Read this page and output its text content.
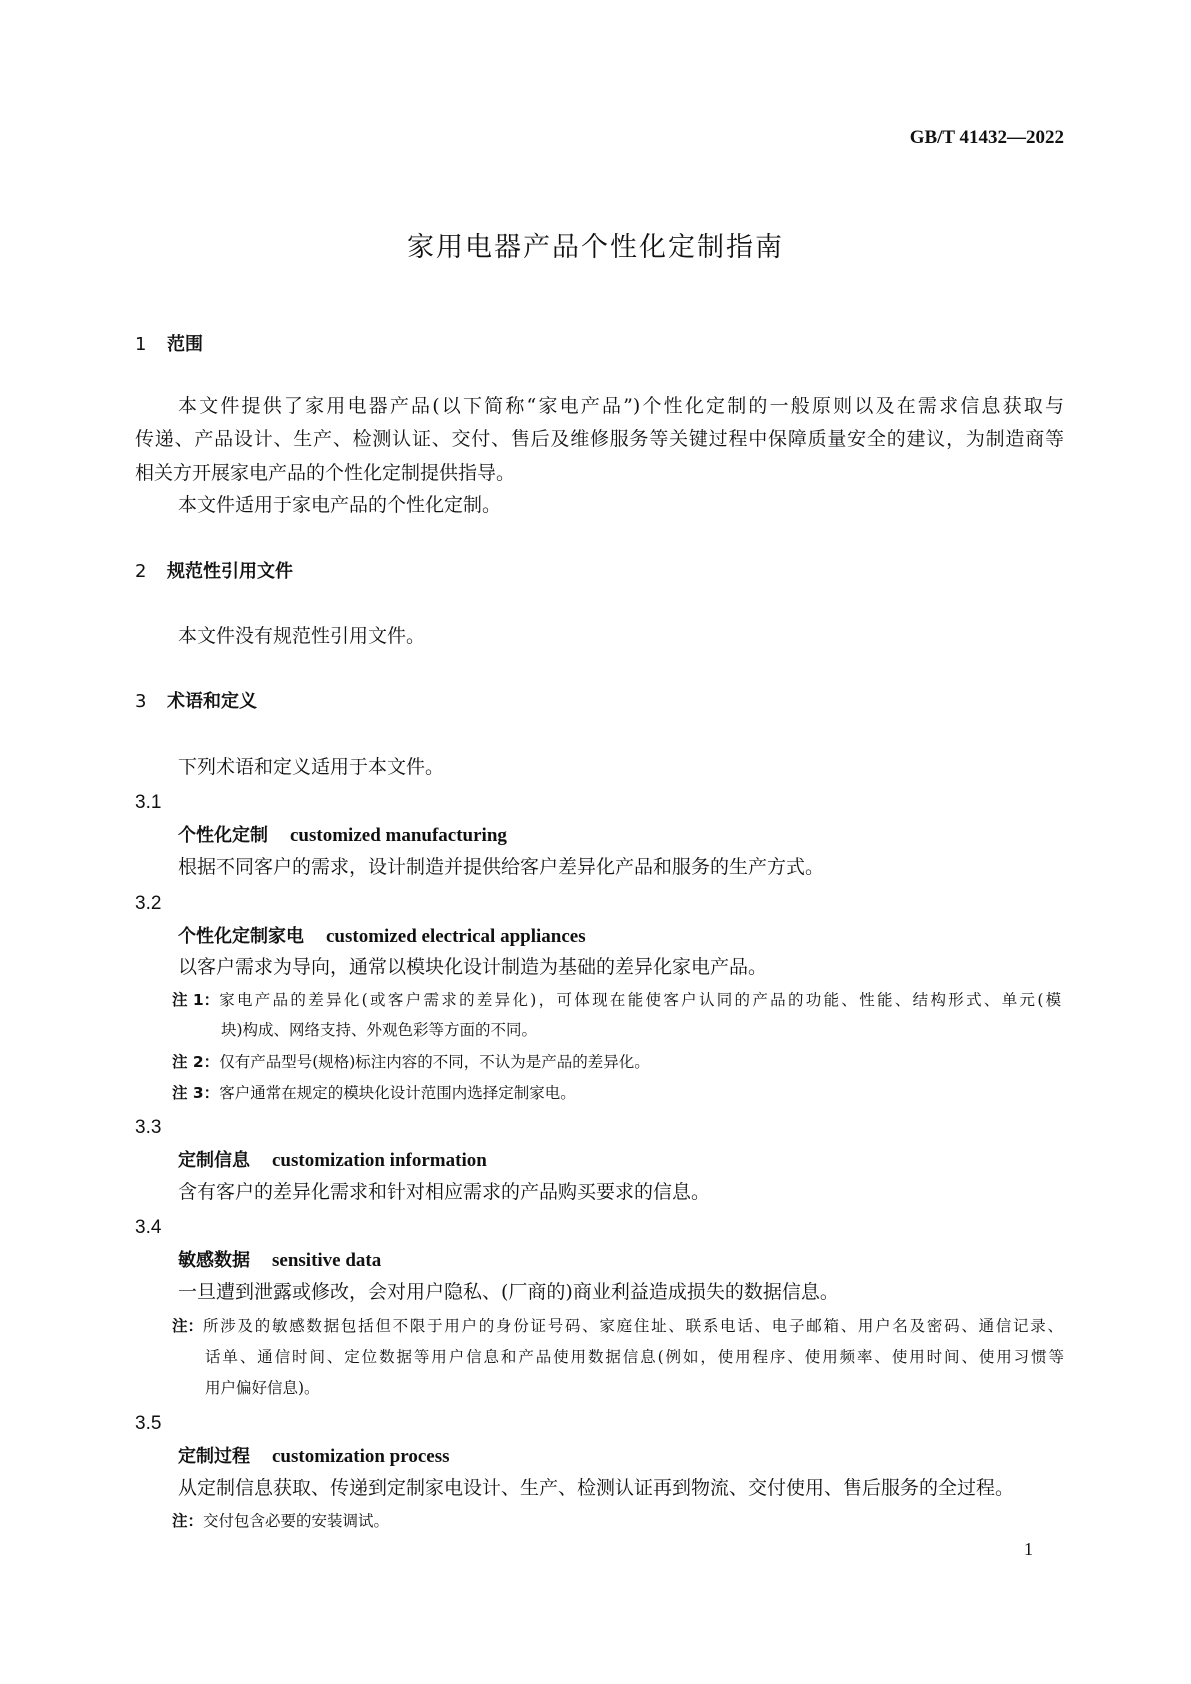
GB/T 41432—2022
家用电器产品个性化定制指南
1 范围
本文件提供了家用电器产品(以下简称“家电产品”)个性化定制的一般原则以及在需求信息获取与
传递、产品设计、生产、检测认证、交付、售后及维修服务等关键过程中保障质量安全的建议，为制造商等
相关方开展家电产品的个性化定制提供指导。
本文件适用于家电产品的个性化定制。
2 规范性引用文件
本文件没有规范性引用文件。
3 术语和定义
下列术语和定义适用于本文件。
3.1
个性化定制 customized manufacturing
根据不同客户的需求，设计制造并提供给客户差异化产品和服务的生产方式。
3.2
个性化定制家电 customized electrical appliances
以客户需求为导向，通常以模块化设计制造为基础的差异化家电产品。
注 1：家电产品的差异化(或客户需求的差异化)，可体现在能使客户认同的产品的功能、性能、结构形式、单元(模
块)构成、网络支持、外观色彩等方面的不同。
注 2：仅有产品型号(规格)标注内容的不同，不认为是产品的差异化。
注 3：客户通常在规定的模块化设计范围内选择定制家电。
3.3
定制信息 customization information
含有客户的差异化需求和针对相应需求的产品购买要求的信息。
3.4
敏感数据 sensitive data
一旦遭到泄露或修改，会对用户隐私、(厂商的)商业利益造成损失的数据信息。
注：所涉及的敏感数据包括但不限于用户的身份证号码、家庭住址、联系电话、电子邮箱、用户名及密码、通信记录、
话单、通信时间、定位数据等用户信息和产品使用数据信息(例如，使用程序、使用频率、使用时间、使用习惯等
用户偏好信息)。
3.5
定制过程 customization process
从定制信息获取、传递到定制家电设计、生产、检测认证再到物流、交付使用、售后服务的全过程。
注：交付包含必要的安装调试。
1
